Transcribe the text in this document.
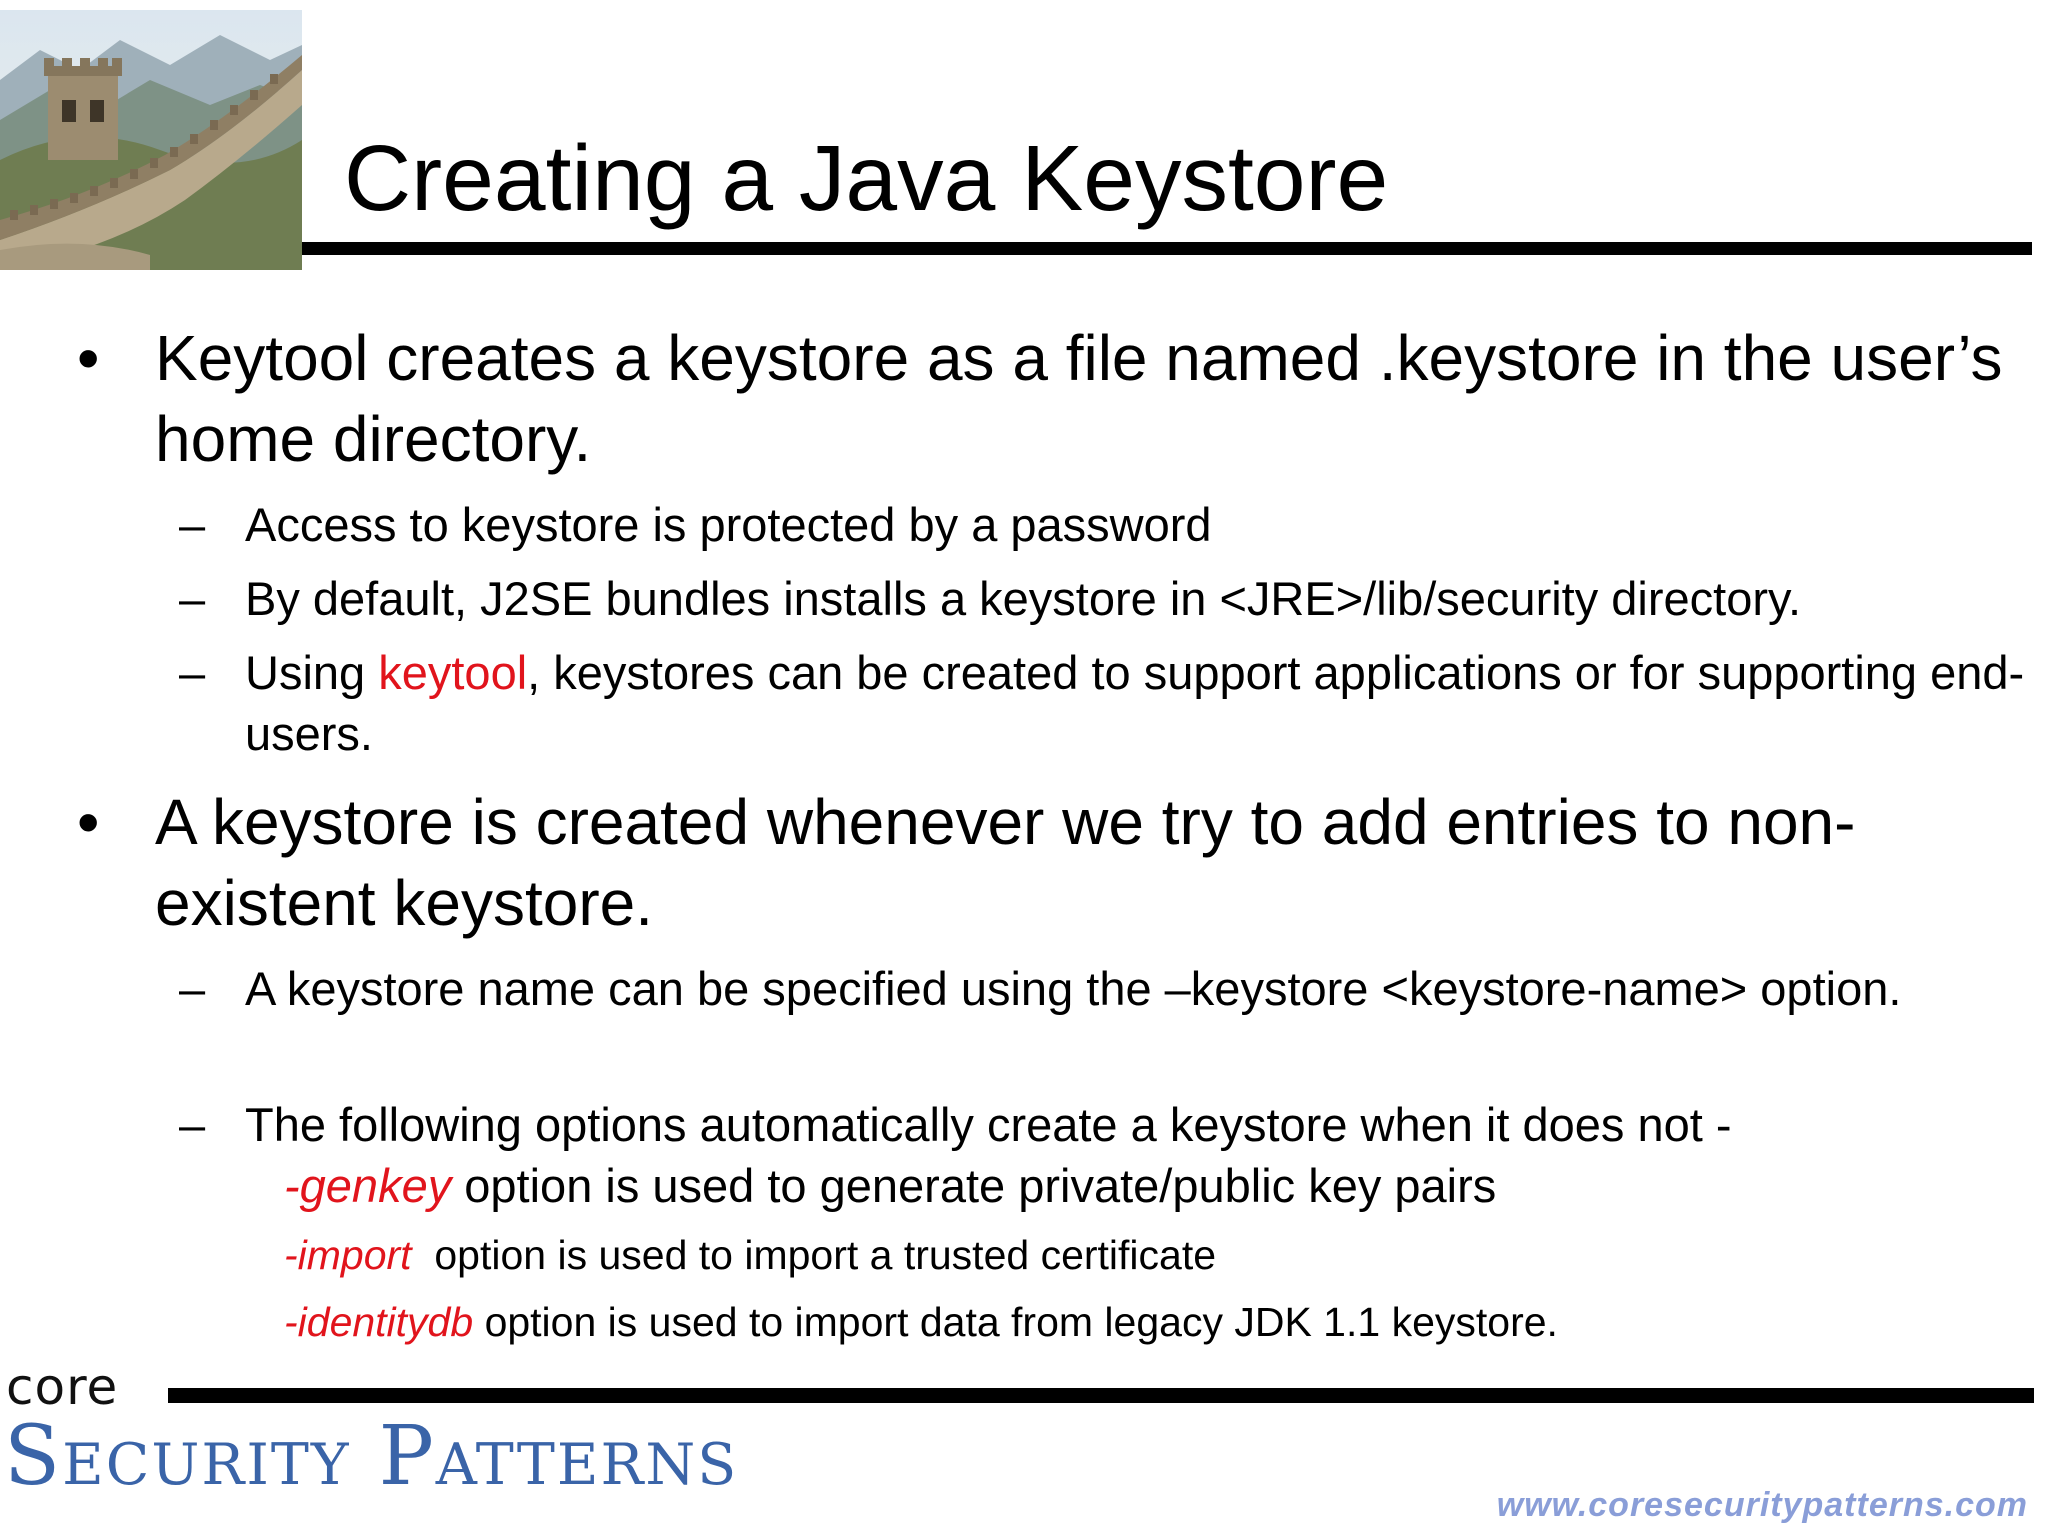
Creating a Java Keystore
• Keytool creates a keystore as a file named .keystore in the user’s home directory.
– Access to keystore is protected by a password
– By default, J2SE bundles installs a keystore in <JRE>/lib/security directory.
– Using keytool, keystores can be created to support applications or for supporting end-users.
• A keystore is created whenever we try to add entries to non-existent keystore.
– A keystore name can be specified using the –keystore <keystore-name> option.
– The following options automatically create a keystore when it does not -
-genkey option is used to generate private/public key pairs
-import  option is used to import a trusted certificate
-identitydb option is used to import data from legacy JDK 1.1 keystore.
core
Security Patterns
www.coresecuritypatterns.com
